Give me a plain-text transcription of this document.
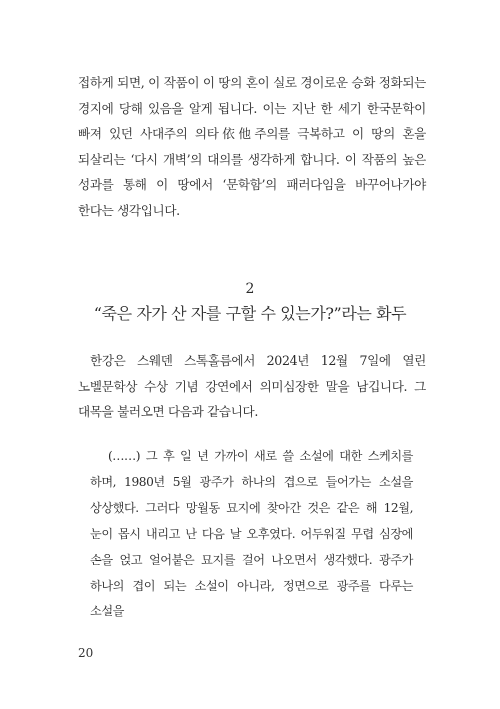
접하게 되면, 이 작품이 이 땅의 혼이 실로 경이로운 승화 정화되는 경지에 당해 있음을 알게 됩니다. 이는 지난 한 세기 한국문학이 빠져 있던 사대주의 의타依他주의를 극복하고 이 땅의 혼을 되살리는 ‘다시 개벽’의 대의를 생각하게 합니다. 이 작품의 높은 성과를 통해 이 땅에서 ‘문학함’의 패러다임을 바꾸어나가야 한다는 생각입니다.

2
“죽은 자가 산 자를 구할 수 있는가?”라는 화두

한강은 스웨덴 스톡홀름에서 2024년 12월 7일에 열린 노벨문학상 수상 기념 강연에서 의미심장한 말을 남깁니다. 그 대목을 불러오면 다음과 같습니다.

(……) 그 후 일 년 가까이 새로 쓸 소설에 대한 스케치를 하며, 1980년 5월 광주가 하나의 겹으로 들어가는 소설을 상상했다. 그러다 망월동 묘지에 찾아간 것은 같은 해 12월, 눈이 몹시 내리고 난 다음 날 오후였다. 어두워질 무렵 심장에 손을 얹고 얼어붙은 묘지를 걸어 나오면서 생각했다. 광주가 하나의 겹이 되는 소설이 아니라, 정면으로 광주를 다루는 소설을

20
